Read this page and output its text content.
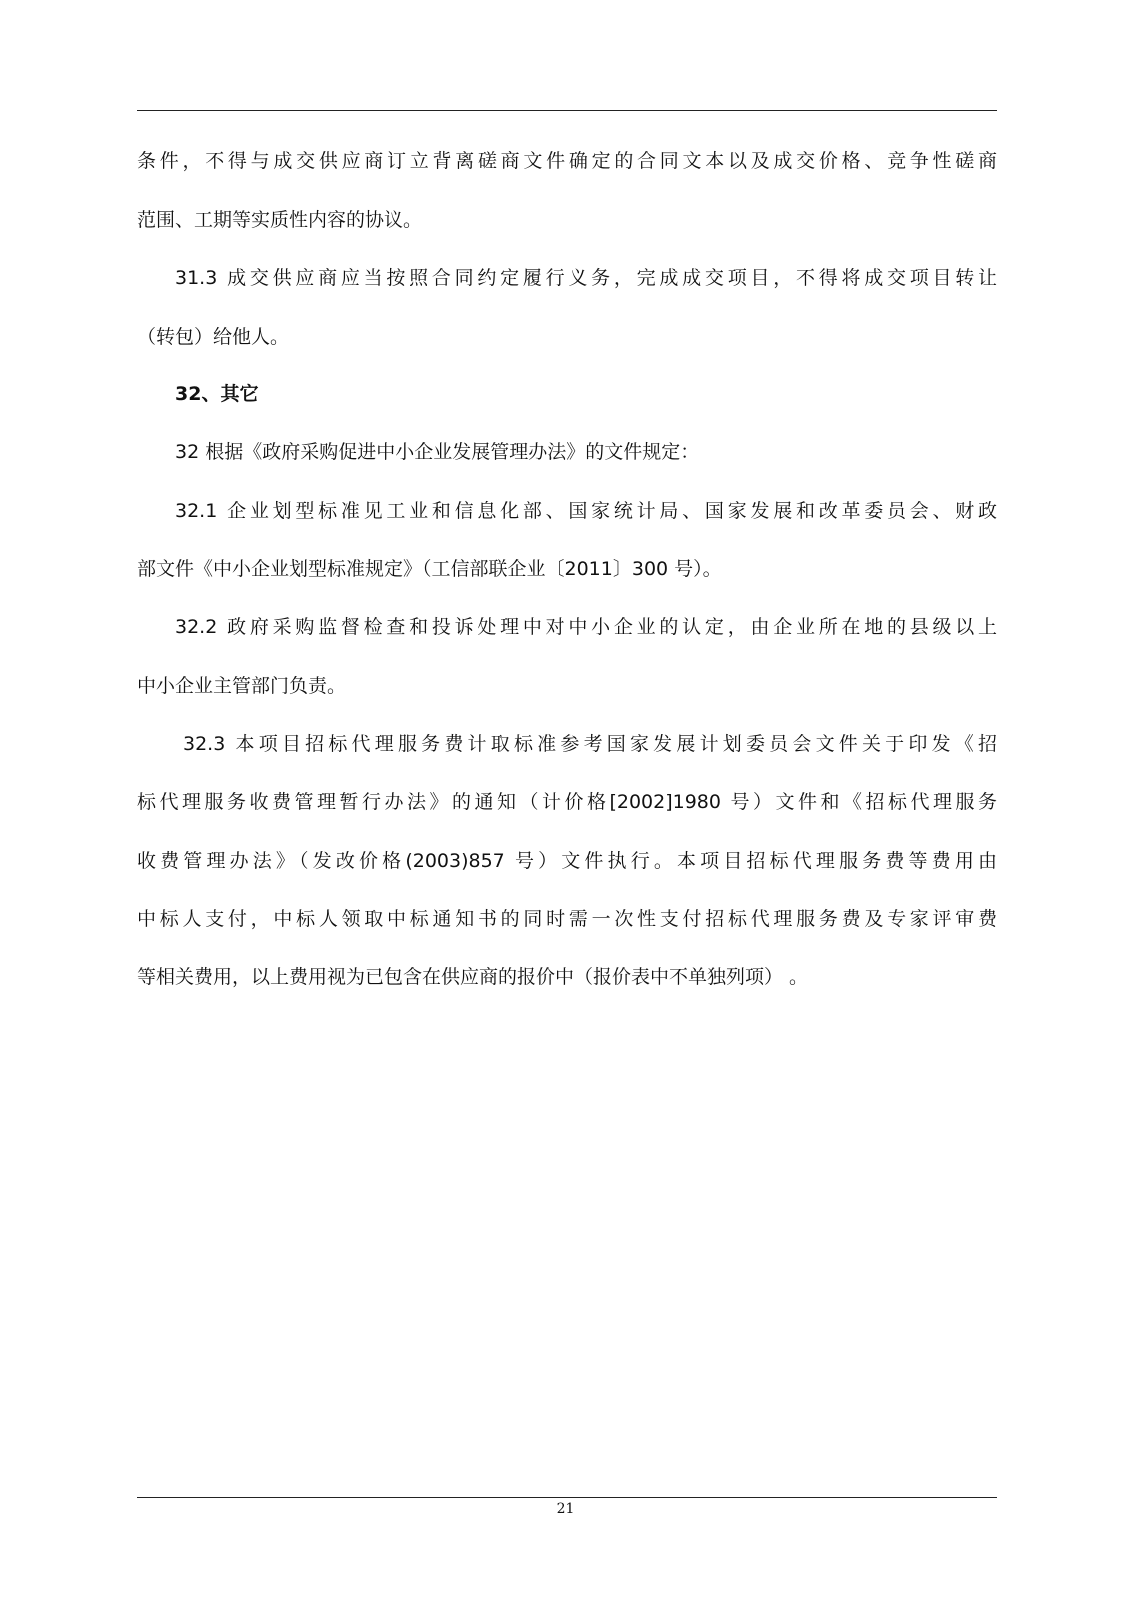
条件，不得与成交供应商订立背离磋商文件确定的合同文本以及成交价格、竞争性磋商
范围、工期等实质性内容的协议。
31.3 成交供应商应当按照合同约定履行义务，完成成交项目，不得将成交项目转让
（转包）给他人。
32、其它
32 根据《政府采购促进中小企业发展管理办法》的文件规定：
32.1 企业划型标准见工业和信息化部、国家统计局、国家发展和改革委员会、财政
部文件《中小企业划型标准规定》（工信部联企业〔2011〕300 号）。
32.2 政府采购监督检查和投诉处理中对中小企业的认定，由企业所在地的县级以上
中小企业主管部门负责。
32.3 本项目招标代理服务费计取标准参考国家发展计划委员会文件关于印发《招
标代理服务收费管理暂行办法》的通知（计价格[2002]1980 号）文件和《招标代理服务
收费管理办法》（发改价格(2003)857 号）文件执行。本项目招标代理服务费等费用由
中标人支付，中标人领取中标通知书的同时需一次性支付招标代理服务费及专家评审费
等相关费用，以上费用视为已包含在供应商的报价中（报价表中不单独列项） 。
21
